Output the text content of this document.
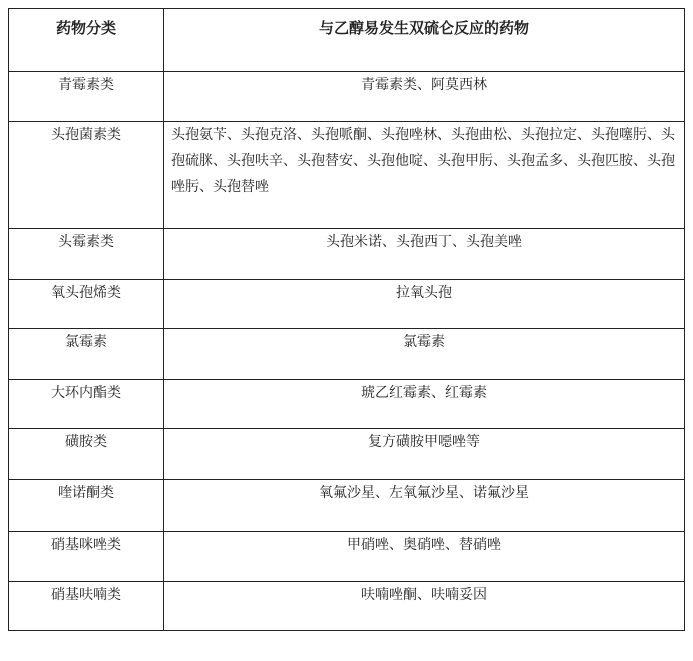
药物分类	与乙醇易发生双硫仑反应的药物
青霉素类	青霉素类、阿莫西林
头孢菌素类	头孢氨苄、头孢克洛、头孢哌酮、头孢唑林、头孢曲松、头孢拉定、头孢噻肟、头孢硫脒、头孢呋辛、头孢替安、头孢他啶、头孢甲肟、头孢孟多、头孢匹胺、头孢唑肟、头孢替唑
头霉素类	头孢米诺、头孢西丁、头孢美唑
氧头孢烯类	拉氧头孢
氯霉素	氯霉素
大环内酯类	琥乙红霉素、红霉素
磺胺类	复方磺胺甲噁唑等
喹诺酮类	氧氟沙星、左氧氟沙星、诺氟沙星
硝基咪唑类	甲硝唑、奥硝唑、替硝唑
硝基呋喃类	呋喃唑酮、呋喃妥因
